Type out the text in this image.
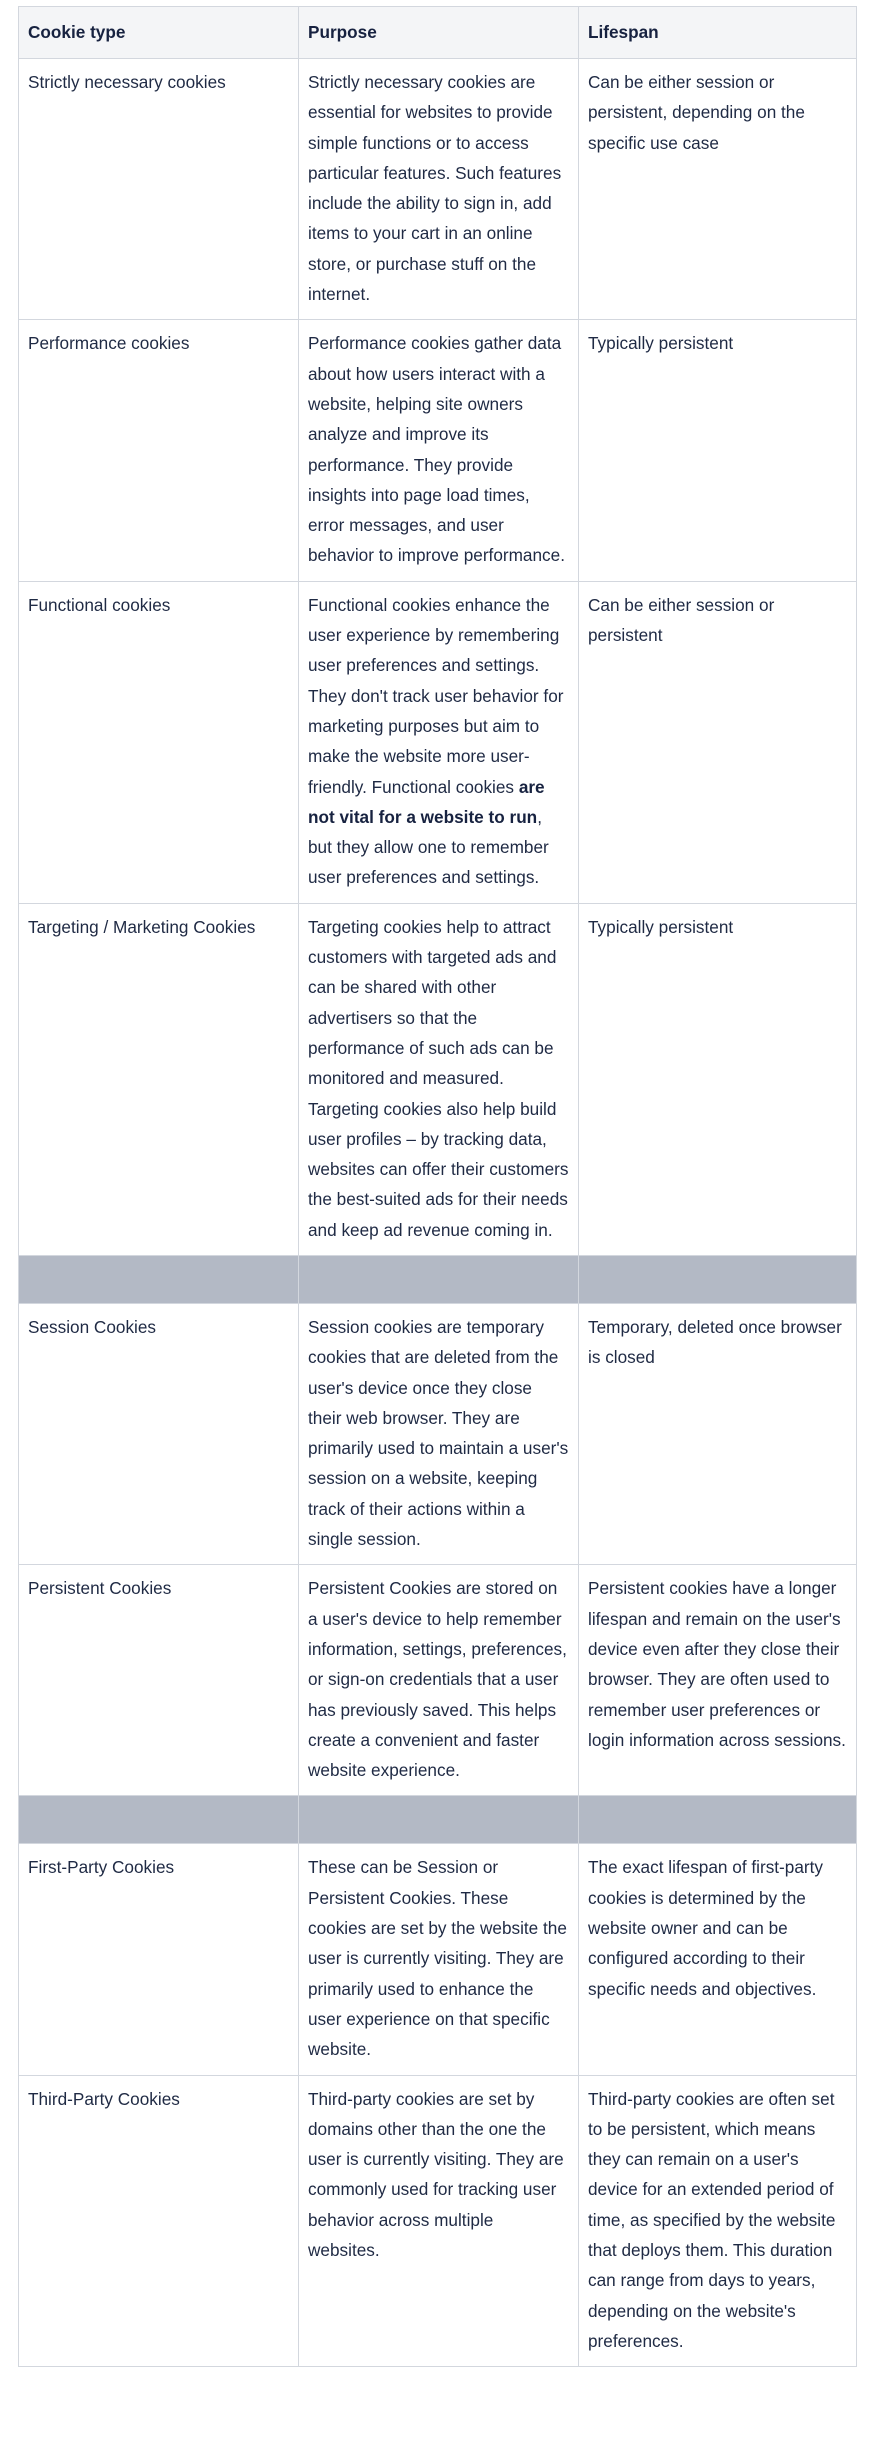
Cookie type	Purpose	Lifespan
Strictly necessary cookies	Strictly necessary cookies are essential for websites to provide simple functions or to access particular features. Such features include the ability to sign in, add items to your cart in an online store, or purchase stuff on the internet.	Can be either session or persistent, depending on the specific use case
Performance cookies	Performance cookies gather data about how users interact with a website, helping site owners analyze and improve its performance. They provide insights into page load times, error messages, and user behavior to improve performance.	Typically persistent
Functional cookies	Functional cookies enhance the user experience by remembering user preferences and settings. They don't track user behavior for marketing purposes but aim to make the website more user-friendly. Functional cookies are not vital for a website to run, but they allow one to remember user preferences and settings.	Can be either session or persistent
Targeting / Marketing Cookies	Targeting cookies help to attract customers with targeted ads and can be shared with other advertisers so that the performance of such ads can be monitored and measured. Targeting cookies also help build user profiles – by tracking data, websites can offer their customers the best-suited ads for their needs and keep ad revenue coming in.	Typically persistent

Session Cookies	Session cookies are temporary cookies that are deleted from the user's device once they close their web browser. They are primarily used to maintain a user's session on a website, keeping track of their actions within a single session.	Temporary, deleted once browser is closed
Persistent Cookies	Persistent Cookies are stored on a user's device to help remember information, settings, preferences, or sign-on credentials that a user has previously saved. This helps create a convenient and faster website experience.	Persistent cookies have a longer lifespan and remain on the user's device even after they close their browser. They are often used to remember user preferences or login information across sessions.

First-Party Cookies	These can be Session or Persistent Cookies. These cookies are set by the website the user is currently visiting. They are primarily used to enhance the user experience on that specific website.	The exact lifespan of first-party cookies is determined by the website owner and can be configured according to their specific needs and objectives.
Third-Party Cookies	Third-party cookies are set by domains other than the one the user is currently visiting. They are commonly used for tracking user behavior across multiple websites.	Third-party cookies are often set to be persistent, which means they can remain on a user's device for an extended period of time, as specified by the website that deploys them. This duration can range from days to years, depending on the website's preferences.
